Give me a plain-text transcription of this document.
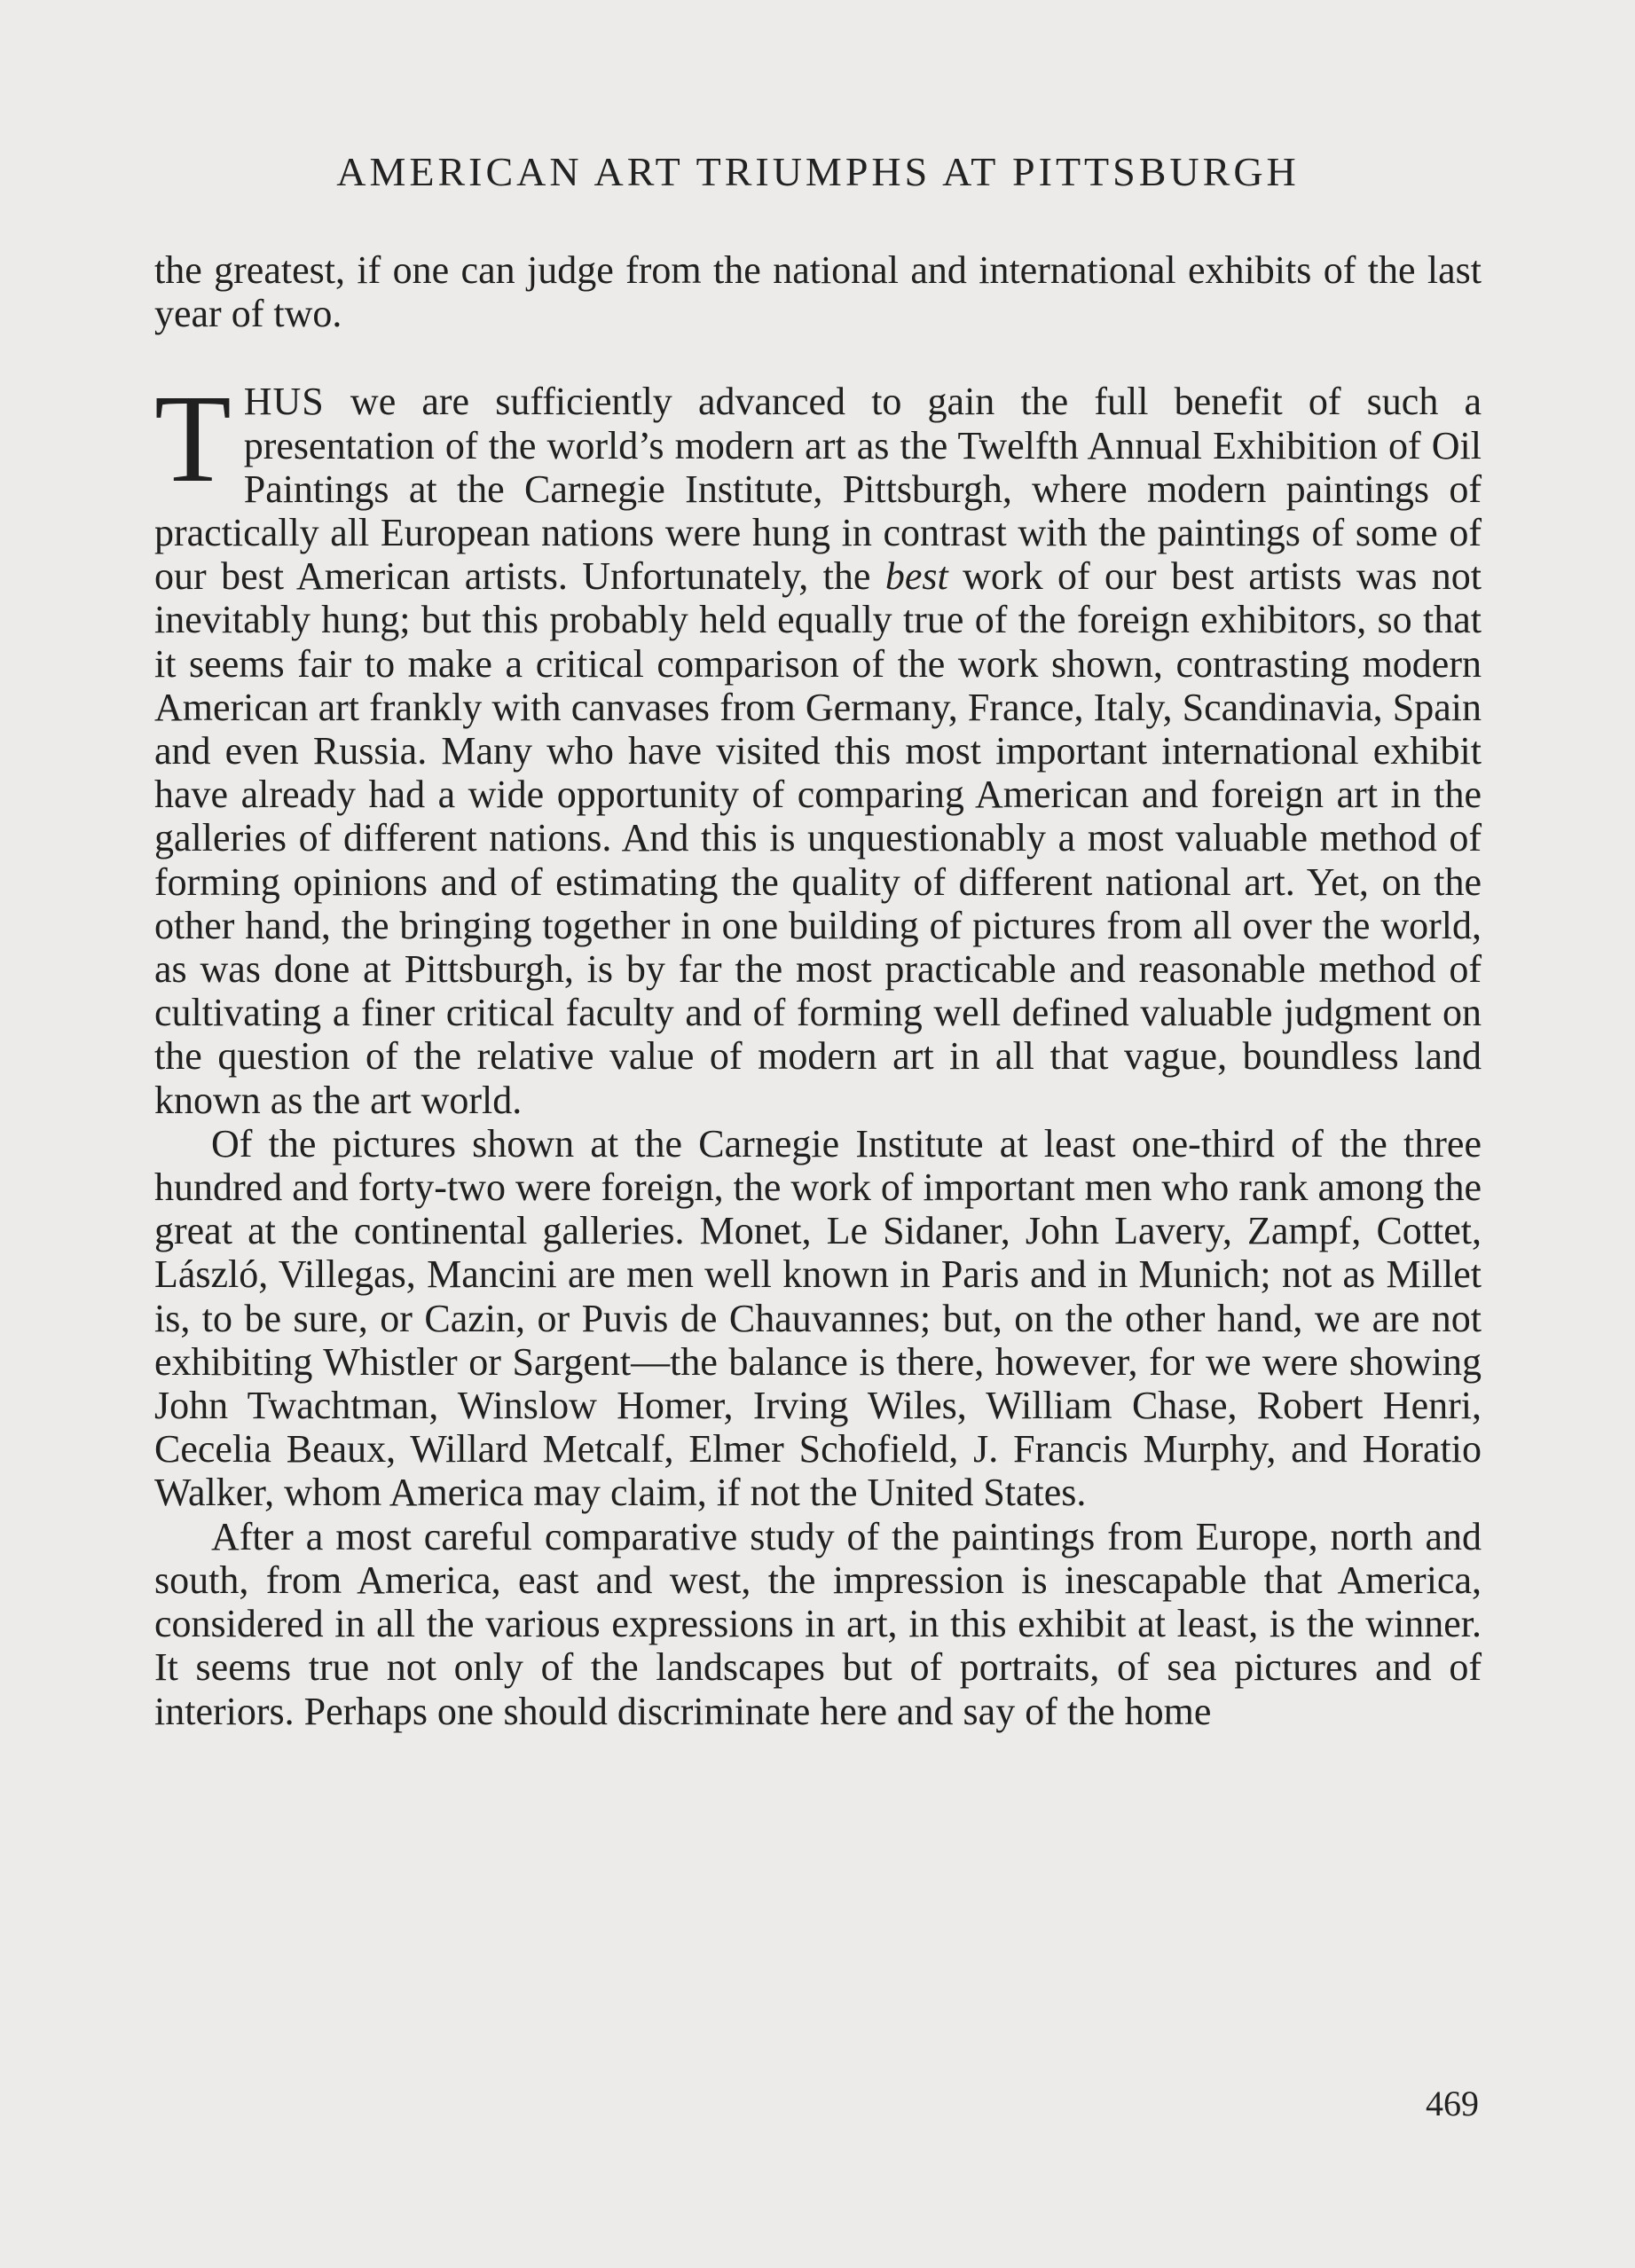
AMERICAN ART TRIUMPHS AT PITTSBURGH

the greatest, if one can judge from the national and international exhibits of the last year of two.

THUS we are sufficiently advanced to gain the full benefit of such a presentation of the world’s modern art as the Twelfth Annual Exhibition of Oil Paintings at the Carnegie Institute, Pittsburgh, where modern paintings of practically all European nations were hung in contrast with the paintings of some of our best American artists. Unfortunately, the best work of our best artists was not inevitably hung; but this probably held equally true of the foreign exhibitors, so that it seems fair to make a critical comparison of the work shown, contrasting modern American art frankly with canvases from Germany, France, Italy, Scandinavia, Spain and even Russia. Many who have visited this most important international exhibit have already had a wide opportunity of comparing American and foreign art in the galleries of different nations. And this is unquestionably a most valuable method of forming opinions and of estimating the quality of different national art. Yet, on the other hand, the bringing together in one building of pictures from all over the world, as was done at Pittsburgh, is by far the most practicable and reasonable method of cultivating a finer critical faculty and of forming well defined valuable judgment on the question of the relative value of modern art in all that vague, boundless land known as the art world.

Of the pictures shown at the Carnegie Institute at least one-third of the three hundred and forty-two were foreign, the work of important men who rank among the great at the continental galleries. Monet, Le Sidaner, John Lavery, Zampf, Cottet, László, Villegas, Mancini are men well known in Paris and in Munich; not as Millet is, to be sure, or Cazin, or Puvis de Chauvannes; but, on the other hand, we are not exhibiting Whistler or Sargent—the balance is there, however, for we were showing John Twachtman, Winslow Homer, Irving Wiles, William Chase, Robert Henri, Cecelia Beaux, Willard Metcalf, Elmer Schofield, J. Francis Murphy, and Horatio Walker, whom America may claim, if not the United States.

After a most careful comparative study of the paintings from Europe, north and south, from America, east and west, the impression is inescapable that America, considered in all the various expressions in art, in this exhibit at least, is the winner. It seems true not only of the landscapes but of portraits, of sea pictures and of interiors. Perhaps one should discriminate here and say of the home

469
